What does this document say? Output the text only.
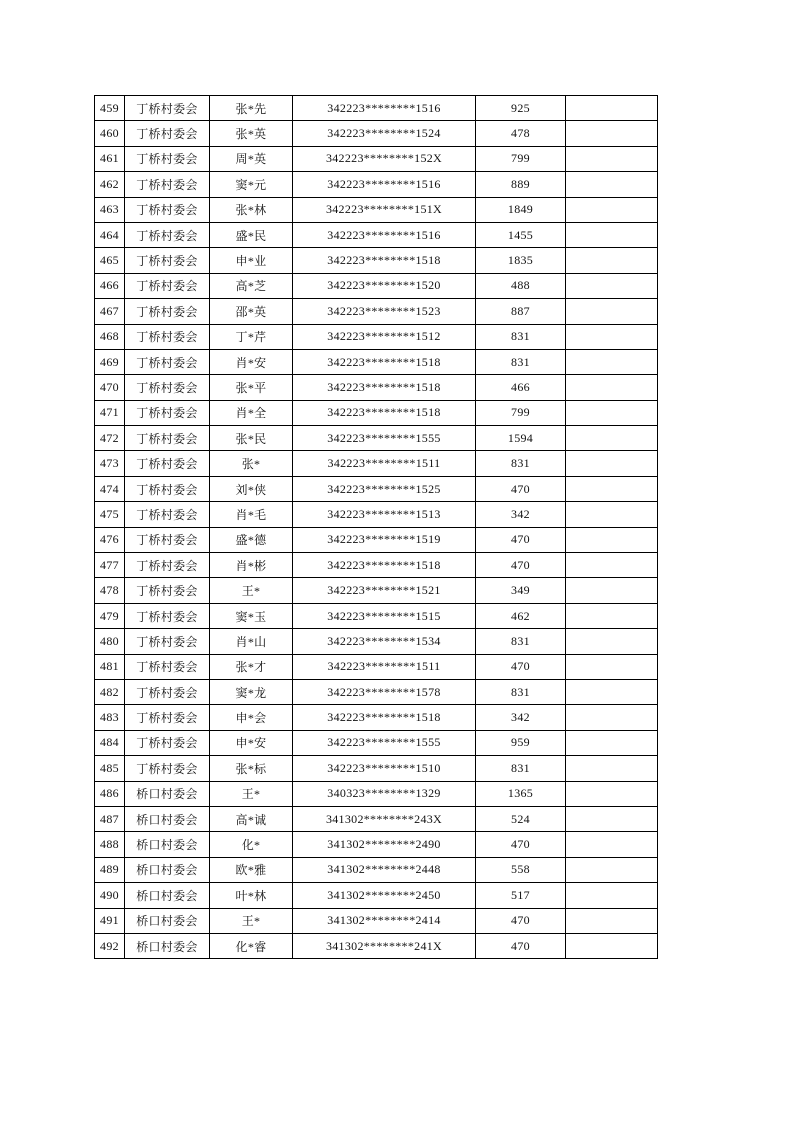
459	丁桥村委会	张*先	342223********1516	925	
460	丁桥村委会	张*英	342223********1524	478	
461	丁桥村委会	周*英	342223********152X	799	
462	丁桥村委会	窦*元	342223********1516	889	
463	丁桥村委会	张*林	342223********151X	1849	
464	丁桥村委会	盛*民	342223********1516	1455	
465	丁桥村委会	申*业	342223********1518	1835	
466	丁桥村委会	高*芝	342223********1520	488	
467	丁桥村委会	邵*英	342223********1523	887	
468	丁桥村委会	丁*芹	342223********1512	831	
469	丁桥村委会	肖*安	342223********1518	831	
470	丁桥村委会	张*平	342223********1518	466	
471	丁桥村委会	肖*全	342223********1518	799	
472	丁桥村委会	张*民	342223********1555	1594	
473	丁桥村委会	张*	342223********1511	831	
474	丁桥村委会	刘*侠	342223********1525	470	
475	丁桥村委会	肖*毛	342223********1513	342	
476	丁桥村委会	盛*德	342223********1519	470	
477	丁桥村委会	肖*彬	342223********1518	470	
478	丁桥村委会	王*	342223********1521	349	
479	丁桥村委会	窦*玉	342223********1515	462	
480	丁桥村委会	肖*山	342223********1534	831	
481	丁桥村委会	张*才	342223********1511	470	
482	丁桥村委会	窦*龙	342223********1578	831	
483	丁桥村委会	申*会	342223********1518	342	
484	丁桥村委会	申*安	342223********1555	959	
485	丁桥村委会	张*标	342223********1510	831	
486	桥口村委会	王*	340323********1329	1365	
487	桥口村委会	高*诚	341302********243X	524	
488	桥口村委会	化*	341302********2490	470	
489	桥口村委会	欧*雅	341302********2448	558	
490	桥口村委会	叶*林	341302********2450	517	
491	桥口村委会	王*	341302********2414	470	
492	桥口村委会	化*睿	341302********241X	470	
